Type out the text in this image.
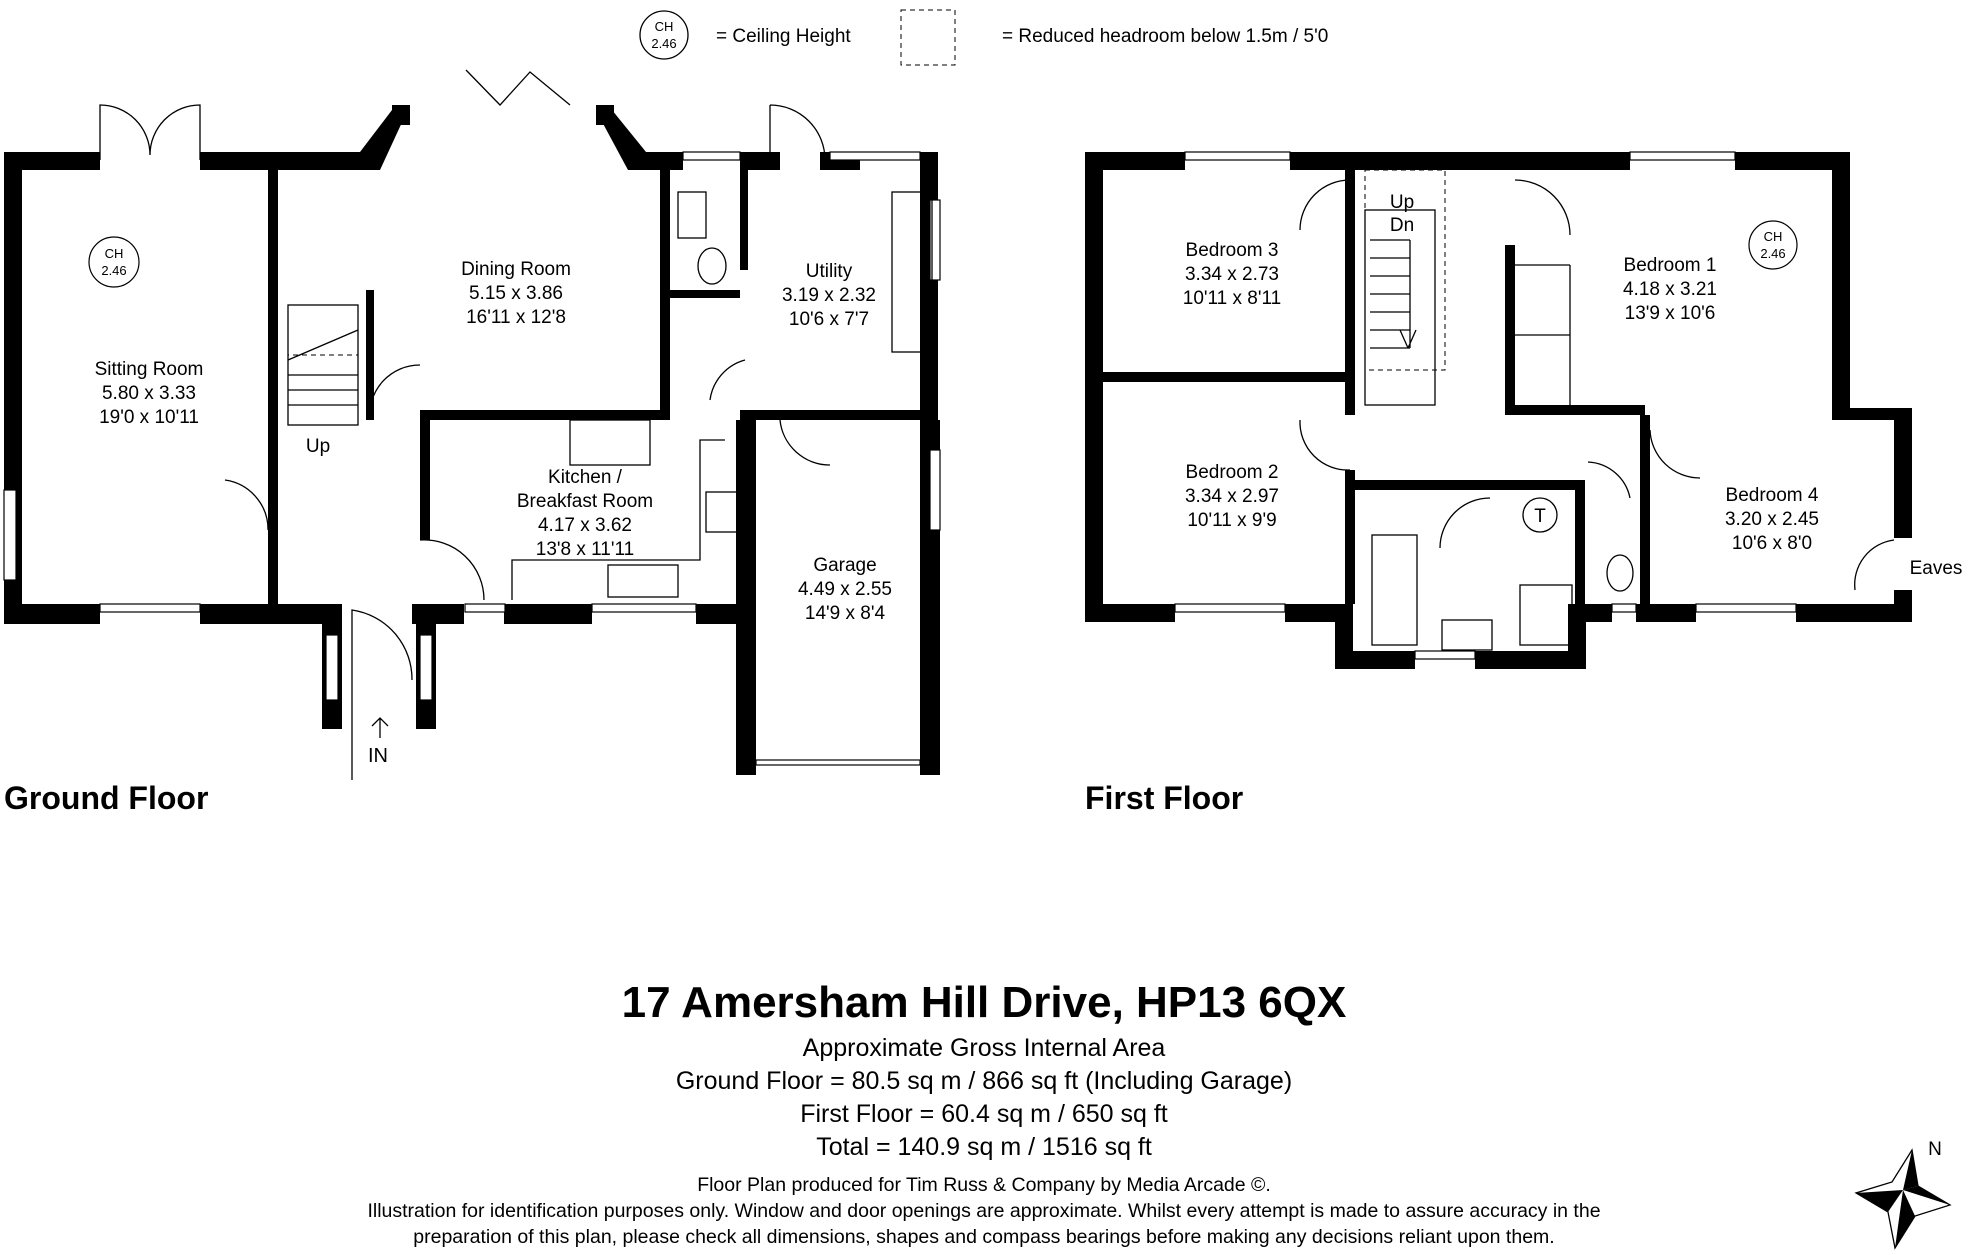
CH
2.46 = Ceiling Height	= Reduced headroom below 1.5m / 5'0
CH
2.46
Sitting Room
5.80 x 3.33
19'0 x 10'11
Dining Room
5.15 x 3.86
16'11 x 12'8
Utility
3.19 x 2.32
10'6 x 7'7
Kitchen /
Breakfast Room
4.17 x 3.62
13'8 x 11'11
Garage
4.49 x 2.55
14'9 x 8'4
Up
IN
Ground Floor
Up
Dn
T
CH
2.46
Bedroom 3
3.34 x 2.73
10'11 x 8'11
Bedroom 1
4.18 x 3.21
13'9 x 10'6
Bedroom 2
3.34 x 2.97
10'11 x 9'9
Bedroom 4
3.20 x 2.45
10'6 x 8'0
Eaves
First Floor
N
17 Amersham Hill Drive, HP13 6QX
Approximate Gross Internal Area
Ground Floor = 80.5 sq m / 866 sq ft (Including Garage)
First Floor = 60.4 sq m / 650 sq ft
Total = 140.9 sq m / 1516 sq ft
Floor Plan produced for Tim Russ & Company by Media Arcade ©.
Illustration for identification purposes only. Window and door openings are approximate. Whilst every attempt is made to assure accuracy in the
preparation of this plan, please check all dimensions, shapes and compass bearings before making any decisions reliant upon them.
